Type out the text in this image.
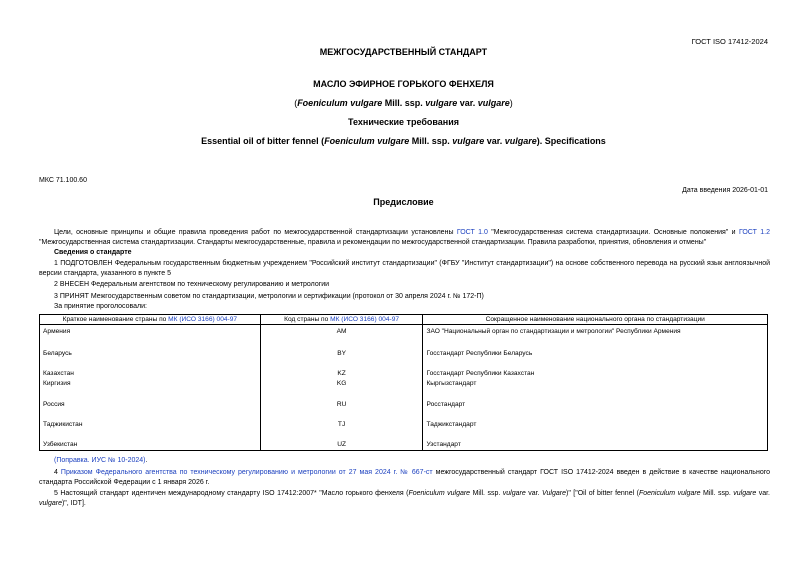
ГОСТ ISO 17412-2024
МЕЖГОСУДАРСТВЕННЫЙ СТАНДАРТ
МАСЛО ЭФИРНОЕ ГОРЬКОГО ФЕНХЕЛЯ
(Foeniculum vulgare Mill. ssp. vulgare var. vulgare)
Технические требования
Essential oil of bitter fennel (Foeniculum vulgare Mill. ssp. vulgare var. vulgare). Specifications
МКС 71.100.60
Дата введения 2026-01-01
Предисловие
Цели, основные принципы и общие правила проведения работ по межгосударственной стандартизации установлены ГОСТ 1.0 "Межгосударственная система стандартизации. Основные положения" и ГОСТ 1.2 "Межгосударственная система стандартизации. Стандарты межгосударственные, правила и рекомендации по межгосударственной стандартизации. Правила разработки, принятия, обновления и отмены"
Сведения о стандарте
1 ПОДГОТОВЛЕН Федеральным государственным бюджетным учреждением "Российский институт стандартизации" (ФГБУ "Институт стандартизации") на основе собственного перевода на русский язык англоязычной версии стандарта, указанного в пункте 5
2 ВНЕСЕН Федеральным агентством по техническому регулированию и метрологии
3 ПРИНЯТ Межгосударственным советом по стандартизации, метрологии и сертификации (протокол от 30 апреля 2024 г. № 172-П)
За принятие проголосовали:
Краткое наименование страны по МК (ИСО 3166) 004-97	Код страны по МК (ИСО 3166) 004-97	Сокращенное наименование национального органа по стандартизации
Армения	AM	ЗАО "Национальный орган по стандартизации и метрологии" Республики Армения
Беларусь	BY	Госстандарт Республики Беларусь
Казахстан	KZ	Госстандарт Республики Казахстан
Киргизия	KG	Кыргызстандарт
Россия	RU	Росстандарт
Таджикистан	TJ	Таджикстандарт
Узбекистан	UZ	Узстандарт
(Поправка. ИУС № 10-2024).
4 Приказом Федерального агентства по техническому регулированию и метрологии от 27 мая 2024 г. № 667-ст межгосударственный стандарт ГОСТ ISO 17412-2024 введен в действие в качестве национального стандарта Российской Федерации с 1 января 2026 г.
5 Настоящий стандарт идентичен международному стандарту ISO 17412:2007* "Масло горького фенхеля (Foeniculum vulgare Mill. ssp. vulgare var. Vulgare)" ["Oil of bitter fennel (Foeniculum vulgare Mill. ssp. vulgare var. vulgare)", IDT].
